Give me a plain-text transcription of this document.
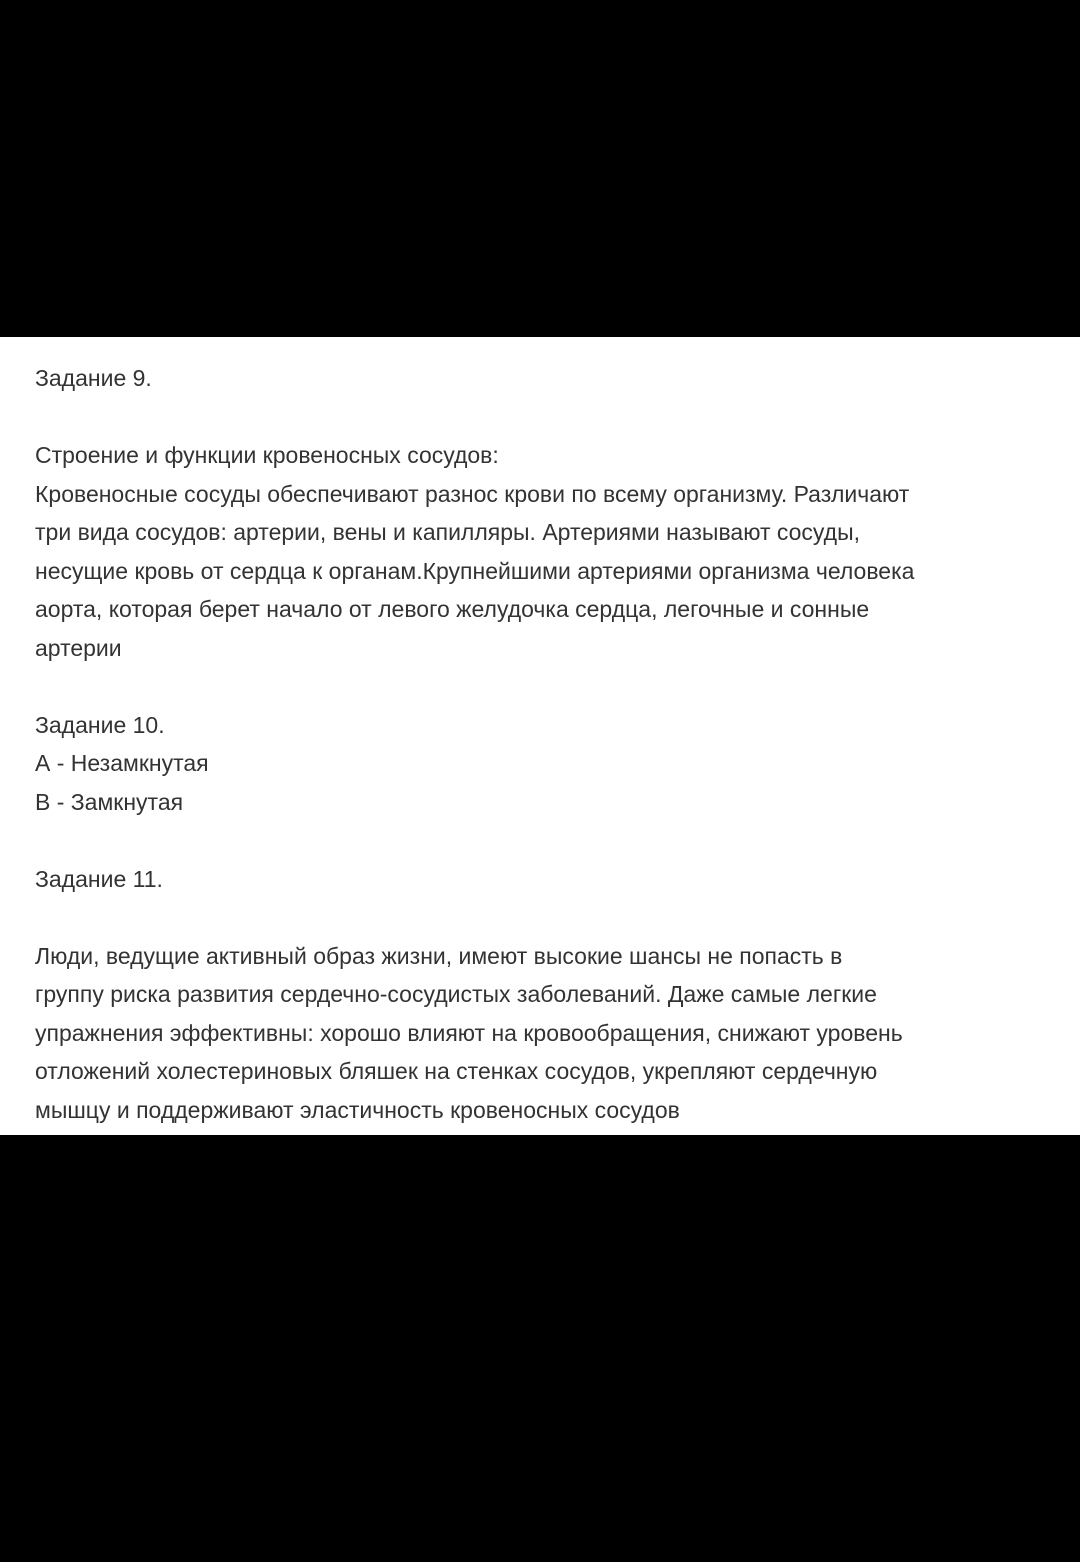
Задание 9.
Строение и функции кровеносных сосудов:
Кровеносные сосуды обеспечивают разнос крови по всему организму. Различают
три вида сосудов: артерии, вены и капилляры. Артериями называют сосуды,
несущие кровь от сердца к органам.Крупнейшими артериями организма человека
аорта, которая берет начало от левого желудочка сердца, легочные и сонные
артерии
Задание 10.
А - Незамкнутая
В - Замкнутая
Задание 11.
Люди, ведущие активный образ жизни, имеют высокие шансы не попасть в
группу риска развития сердечно-сосудистых заболеваний. Даже самые легкие
упражнения эффективны: хорошо влияют на кровообращения, снижают уровень
отложений холестериновых бляшек на стенках сосудов, укрепляют сердечную
мышцу и поддерживают эластичность кровеносных сосудов
